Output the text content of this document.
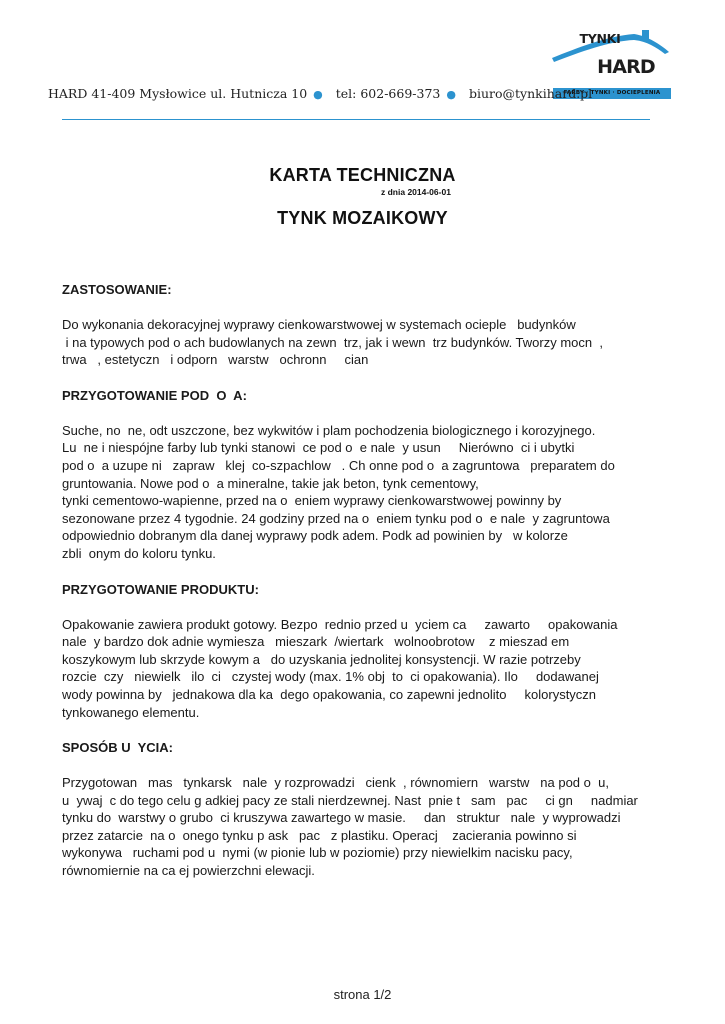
TYNKI
HARD
FARBY · TYNKI · DOCIEPLENIA
HARD 41-409 Mysłowice ul. Hutnicza 10 ● tel: 602-669-373 ● biuro@tynkihard.pl
KARTA TECHNICZNA
z dnia 2014-06-01
TYNK MOZAIKOWY
ZASTOSOWANIE:
Do wykonania dekoracyjnej wyprawy cienkowarstwowej w systemach ocieple   budynków
i na typowych pod o ach budowlanych na zewn  trz, jak i wewn  trz budynków. Tworzy mocn  ,
trwa   , estetyczn   i odporn   warstw   ochronn     cian
PRZYGOTOWANIE POD  O  A:
Suche, no  ne, odt uszczone, bez wykwitów i plam pochodzenia biologicznego i korozyjnego.
Lu  ne i niespójne farby lub tynki stanowi  ce pod o  e nale  y usun     Nierówno  ci i ubytki
pod o  a uzupe ni   zapraw   klej  co-szpachlow   . Ch onne pod o  a zagruntowa   preparatem do
gruntowania. Nowe pod o  a mineralne, takie jak beton, tynk cementowy,
tynki cementowo-wapienne, przed na o  eniem wyprawy cienkowarstwowej powinny by
sezonowane przez 4 tygodnie. 24 godziny przed na o  eniem tynku pod o  e nale  y zagruntowa
odpowiednio dobranym dla danej wyprawy podk adem. Podk ad powinien by   w kolorze
zbli  onym do koloru tynku.
PRZYGOTOWANIE PRODUKTU:
Opakowanie zawiera produkt gotowy. Bezpo  rednio przed u  yciem ca     zawarto     opakowania
nale  y bardzo dok adnie wymiesza   mieszark  /wiertark   wolnoobrotow    z mieszad em
koszykowym lub skrzyde kowym a   do uzyskania jednolitej konsystencji. W razie potrzeby
rozcie  czy   niewielk   ilo  ci   czystej wody (max. 1% obj  to  ci opakowania). Ilo     dodawanej
wody powinna by   jednakowa dla ka  dego opakowania, co zapewni jednolito     kolorystyczn
tynkowanego elementu.
SPOSÓB U  YCIA:
Przygotowan   mas   tynkarsk   nale  y rozprowadzi   cienk  , równomiern   warstw   na pod o  u,
u  ywaj  c do tego celu g adkiej pacy ze stali nierdzewnej. Nast  pnie t   sam   pac     ci gn     nadmiar
tynku do  warstwy o grubo  ci kruszywa zawartego w masie.     dan   struktur   nale  y wyprowadzi
przez zatarcie  na o  onego tynku p ask   pac   z plastiku. Operacj    zacierania powinno si
wykonywa   ruchami pod u  nymi (w pionie lub w poziomie) przy niewielkim nacisku pacy,
równomiernie na ca ej powierzchni elewacji.
strona 1/2
